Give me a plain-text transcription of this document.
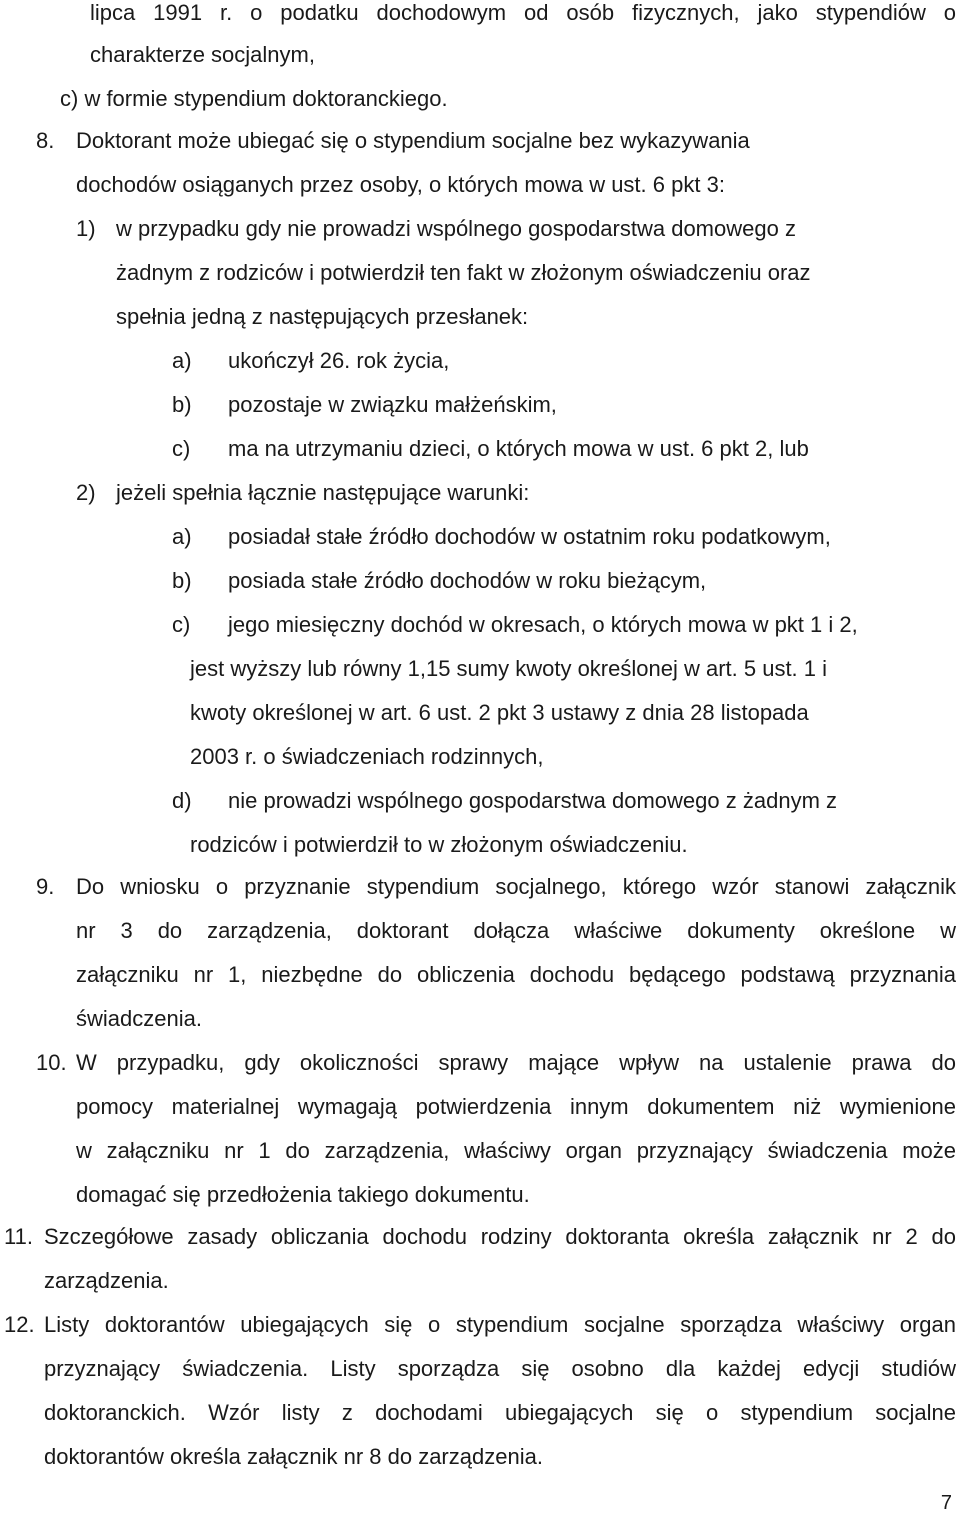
lipca 1991 r. o podatku dochodowym od osób fizycznych, jako stypendiów o
charakterze socjalnym,
c) w formie stypendium doktoranckiego.
8. Doktorant może ubiegać się o stypendium socjalne bez wykazywania
dochodów osiąganych przez osoby, o których mowa w ust. 6 pkt 3:
1) w przypadku gdy nie prowadzi wspólnego gospodarstwa domowego z
żadnym z rodziców i potwierdził ten fakt w złożonym oświadczeniu oraz
spełnia jedną z następujących przesłanek:
a) ukończył 26. rok życia,
b) pozostaje w związku małżeńskim,
c) ma na utrzymaniu dzieci, o których mowa w ust. 6 pkt 2, lub
2) jeżeli spełnia łącznie następujące warunki:
a) posiadał stałe źródło dochodów w ostatnim roku podatkowym,
b) posiada stałe źródło dochodów w roku bieżącym,
c) jego miesięczny dochód w okresach, o których mowa w pkt 1 i 2,
jest wyższy lub równy 1,15 sumy kwoty określonej w art. 5 ust. 1 i
kwoty określonej w art. 6 ust. 2 pkt 3 ustawy z dnia 28 listopada
2003 r. o świadczeniach rodzinnych,
d) nie prowadzi wspólnego gospodarstwa domowego z żadnym z
rodziców i potwierdził to w złożonym oświadczeniu.
9. Do wniosku o przyznanie stypendium socjalnego, którego wzór stanowi załącznik
nr 3 do zarządzenia, doktorant dołącza właściwe dokumenty określone w
załączniku nr 1, niezbędne do obliczenia dochodu będącego podstawą przyznania
świadczenia.
10. W przypadku, gdy okoliczności sprawy mające wpływ na ustalenie prawa do
pomocy materialnej wymagają potwierdzenia innym dokumentem niż wymienione
w załączniku nr 1 do zarządzenia, właściwy organ przyznający świadczenia może
domagać się przedłożenia takiego dokumentu.
11. Szczegółowe zasady obliczania dochodu rodziny doktoranta określa załącznik nr 2 do
zarządzenia.
12. Listy doktorantów ubiegających się o stypendium socjalne sporządza właściwy organ
przyznający świadczenia. Listy sporządza się osobno dla każdej edycji studiów
doktoranckich. Wzór listy z dochodami ubiegających się o stypendium socjalne
doktorantów określa załącznik nr 8 do zarządzenia.
7
